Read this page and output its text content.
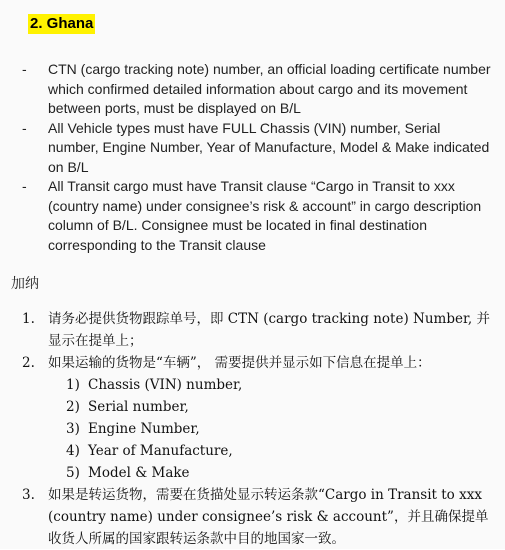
2. Ghana
-	CTN (cargo tracking note) number, an official loading certificate number which confirmed detailed information about cargo and its movement between ports, must be displayed on B/L
-	All Vehicle types must have FULL Chassis (VIN) number, Serial number, Engine Number, Year of Manufacture, Model & Make indicated on B/L
-	All Transit cargo must have Transit clause “Cargo in Transit to xxx (country name) under consignee’s risk & account” in cargo description column of B/L. Consignee must be located in final destination corresponding to the Transit clause
加纳
1. 请务必提供货物跟踪单号，即 CTN (cargo tracking note) Number, 并显示在提单上；
2. 如果运输的货物是“车辆”， 需要提供并显示如下信息在提单上：
1) Chassis (VIN) number,
2) Serial number,
3) Engine Number,
4) Year of Manufacture,
5) Model & Make
3. 如果是转运货物，需要在货描处显示转运条款“Cargo in Transit to xxx (country name) under consignee’s risk & account”，并且确保提单收货人所属的国家跟转运条款中目的地国家一致。
